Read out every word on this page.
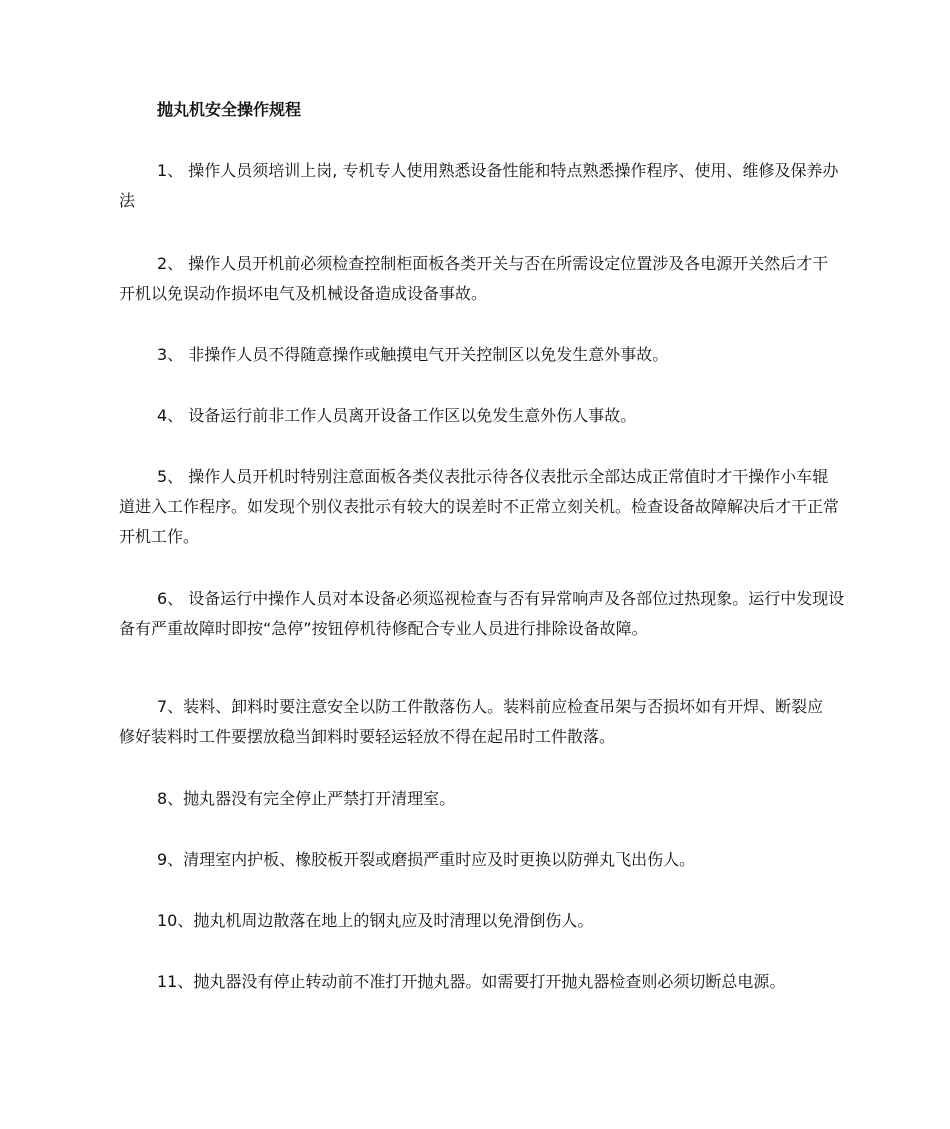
抛丸机安全操作规程

1、 操作人员须培训上岗, 专机专人使用熟悉设备性能和特点熟悉操作程序、使用、维修及保养办法

2、 操作人员开机前必须检查控制柜面板各类开关与否在所需设定位置涉及各电源开关然后才干开机以免误动作损坏电气及机械设备造成设备事故。

3、 非操作人员不得随意操作或触摸电气开关控制区以免发生意外事故。

4、 设备运行前非工作人员离开设备工作区以免发生意外伤人事故。

5、 操作人员开机时特别注意面板各类仪表批示待各仪表批示全部达成正常值时才干操作小车辊道进入工作程序。如发现个别仪表批示有较大的误差时不正常立刻关机。检查设备故障解决后才干正常开机工作。

6、 设备运行中操作人员对本设备必须巡视检查与否有异常响声及各部位过热现象。运行中发现设备有严重故障时即按“急停”按钮停机待修配合专业人员进行排除设备故障。

7、装料、卸料时要注意安全以防工件散落伤人。装料前应检查吊架与否损坏如有开焊、断裂应修好装料时工件要摆放稳当卸料时要轻运轻放不得在起吊时工件散落。

8、抛丸器没有完全停止严禁打开清理室。

9、清理室内护板、橡胶板开裂或磨损严重时应及时更换以防弹丸飞出伤人。

10、抛丸机周边散落在地上的钢丸应及时清理以免滑倒伤人。

11、抛丸器没有停止转动前不准打开抛丸器。如需要打开抛丸器检查则必须切断总电源。
